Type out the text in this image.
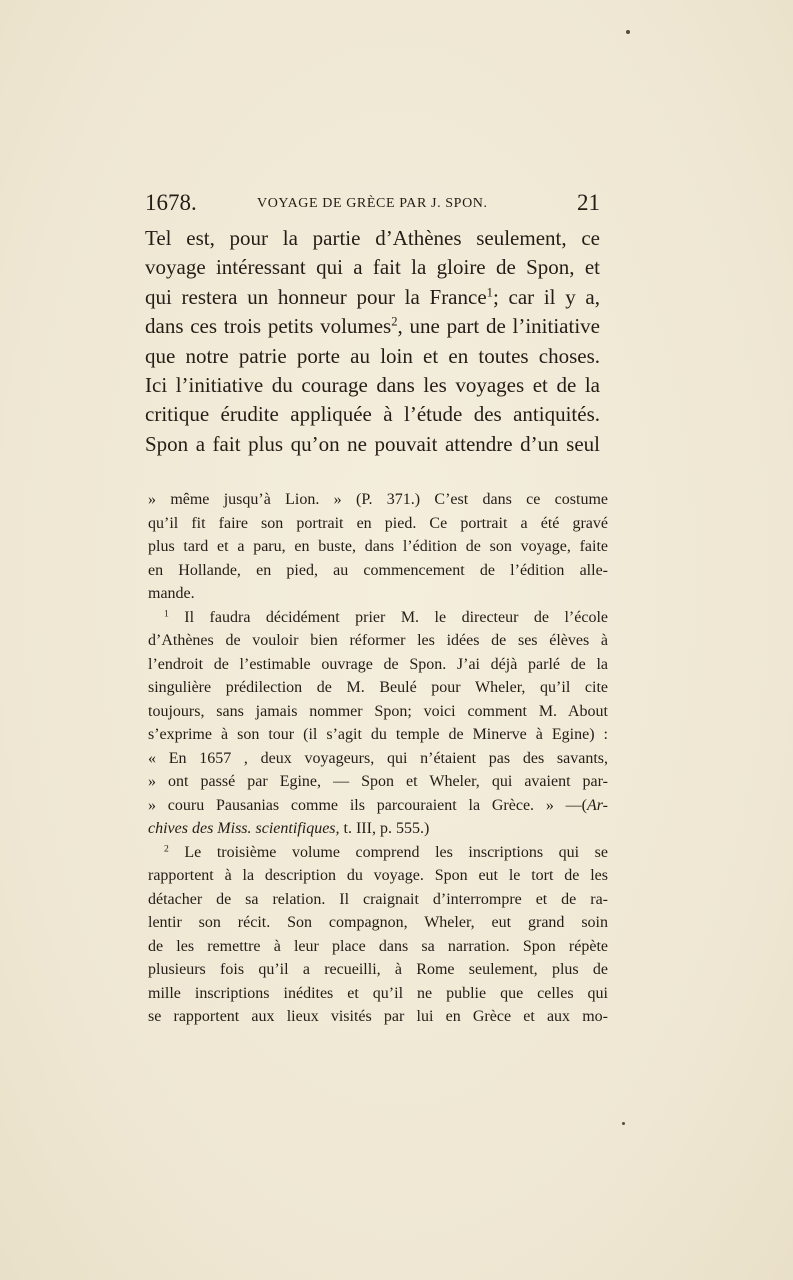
1678.	VOYAGE DE GRÈCE PAR J. SPON.	21
Tel est, pour la partie d’Athènes seulement, ce
voyage intéressant qui a fait la gloire de Spon, et
qui restera un honneur pour la France$^1$; car il y a,
dans ces trois petits volumes$^2$, une part de l’initiative
que notre patrie porte au loin et en toutes choses.
Ici l’initiative du courage dans les voyages et de la
critique érudite appliquée à l’étude des antiquités.
Spon a fait plus qu’on ne pouvait attendre d’un seul
» même jusqu’à Lion. » (P. 371.) C’est dans ce costume
qu’il fit faire son portrait en pied. Ce portrait a été gravé
plus tard et a paru, en buste, dans l’édition de son voyage, faite
en Hollande, en pied, au commencement de l’édition alle-
mande.
$^1$ Il faudra décidément prier M. le directeur de l’école
d’Athènes de vouloir bien réformer les idées de ses élèves à
l’endroit de l’estimable ouvrage de Spon. J’ai déjà parlé de la
singulière prédilection de M. Beulé pour Wheler, qu’il cite
toujours, sans jamais nommer Spon; voici comment M. About
s’exprime à son tour (il s’agit du temple de Minerve à Egine) :
« En 1657 , deux voyageurs, qui n’étaient pas des savants,
» ont passé par Egine, — Spon et Wheler, qui avaient par-
» couru Pausanias comme ils parcouraient la Grèce. » —(Ar-
chives des Miss. scientifiques, t. III, p. 555.)
$^2$ Le troisième volume comprend les inscriptions qui se
rapportent à la description du voyage. Spon eut le tort de les
détacher de sa relation. Il craignait d’interrompre et de ra-
lentir son récit. Son compagnon, Wheler, eut grand soin
de les remettre à leur place dans sa narration. Spon répète
plusieurs fois qu’il a recueilli, à Rome seulement, plus de
mille inscriptions inédites et qu’il ne publie que celles qui
se rapportent aux lieux visités par lui en Grèce et aux mo-
